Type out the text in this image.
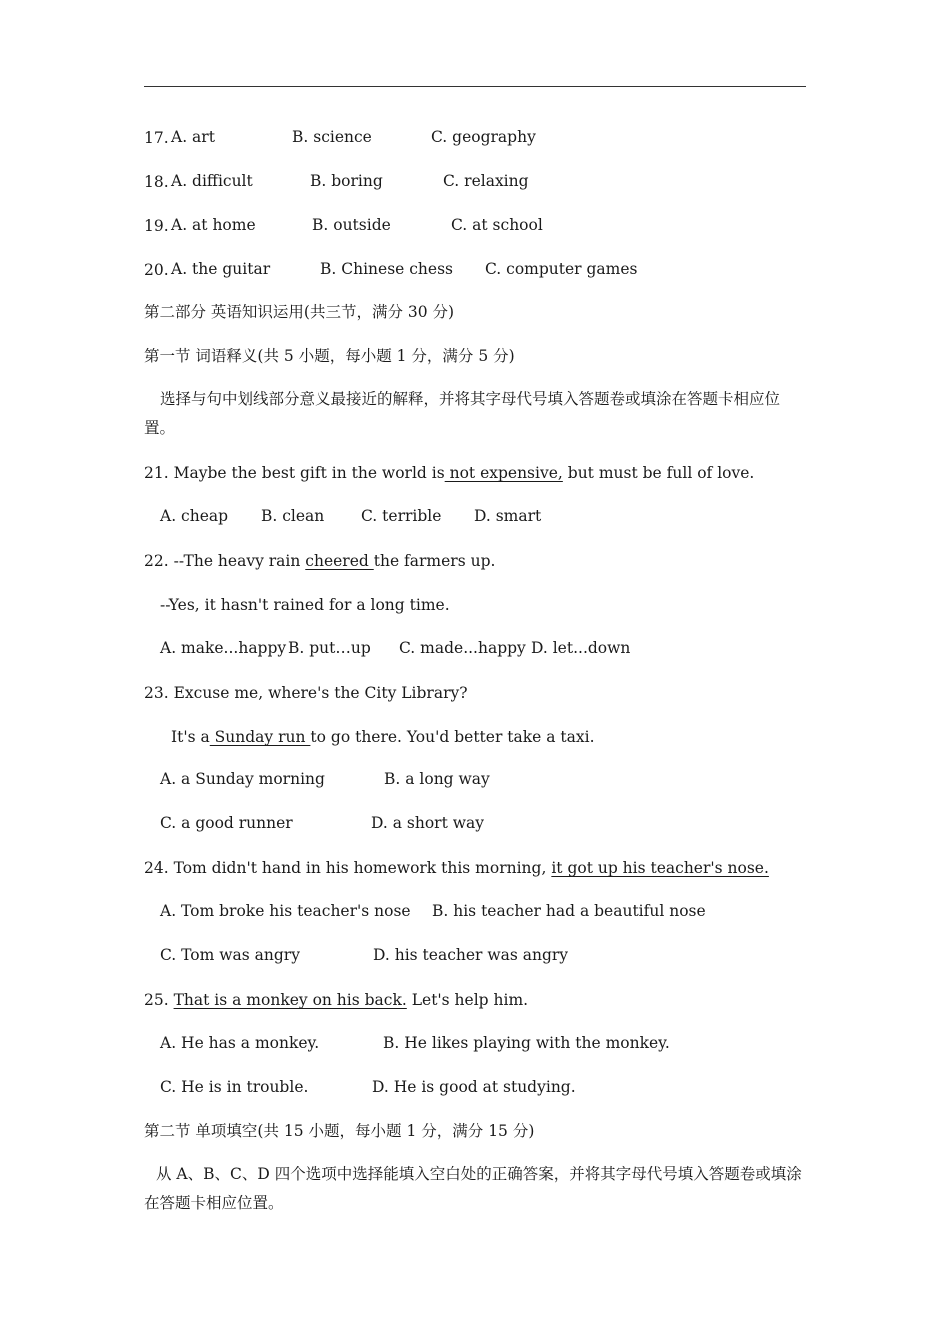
17. A. art	B. science	C. geography
18. A. difficult	B. boring	C. relaxing
19. A. at home	B. outside	C. at school
20. A. the guitar	B. Chinese chess C. computer games
第二部分 英语知识运用(共三节，满分 30 分)
第一节 词语释义(共 5 小题，每小题 1 分，满分 5 分)
选择与句中划线部分意义最接近的解释，并将其字母代号填入答题卷或填涂在答题卡相应位置。
21. Maybe the best gift in the world is not expensive, but must be full of love.
A. cheap B. clean C. terrible D. smart
22. --The heavy rain cheered the farmers up.
--Yes, it hasn't rained for a long time.
A. make...happy B. put…up C. made...happy D. let...down
23. Excuse me, where's the City Library?
It's a Sunday run to go there. You'd better take a taxi.
A. a Sunday morning	B. a long way
C. a good runner	D. a short way
24. Tom didn't hand in his homework this morning, it got up his teacher's nose.
A. Tom broke his teacher's nose B. his teacher had a beautiful nose
C. Tom was angry	D. his teacher was angry
25. That is a monkey on his back. Let's help him.
A. He has a monkey.	B. He likes playing with the monkey.
C. He is in trouble.	D. He is good at studying.
第二节 单项填空(共 15 小题，每小题 1 分，满分 15 分)
从 A、B、C、D 四个选项中选择能填入空白处的正确答案，并将其字母代号填入答题卷或填涂在答题卡相应位置。
